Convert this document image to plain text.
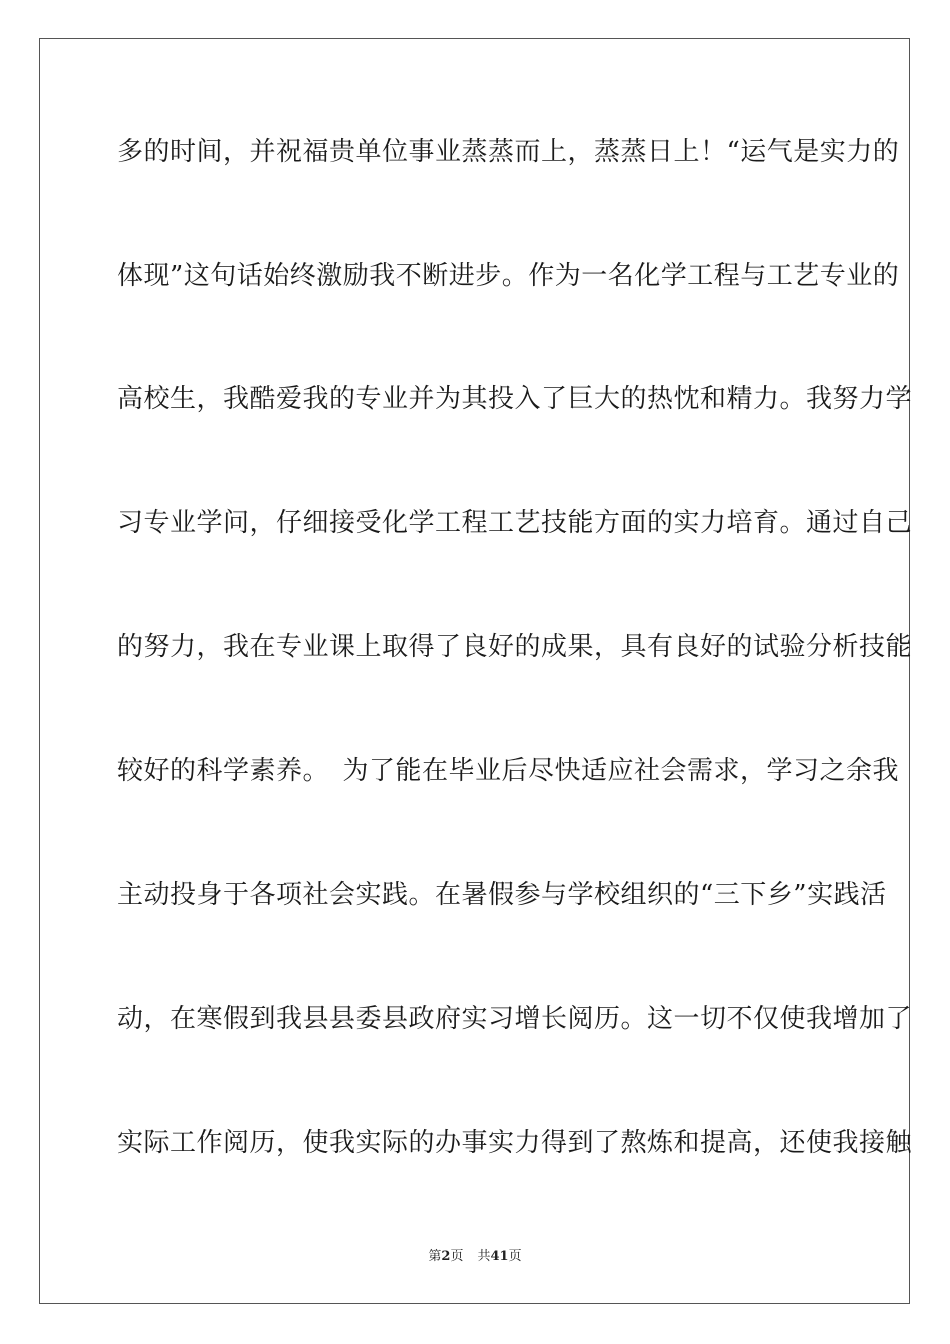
多的时间，并祝福贵单位事业蒸蒸而上，蒸蒸日上！“运气是实力的
体现”这句话始终激励我不断进步。作为一名化学工程与工艺专业的
高校生，我酷爱我的专业并为其投入了巨大的热忱和精力。我努力学
习专业学问，仔细接受化学工程工艺技能方面的实力培育。通过自己
的努力，我在专业课上取得了良好的成果，具有良好的试验分析技能
较好的科学素养。　为了能在毕业后尽快适应社会需求，学习之余我
主动投身于各项社会实践。在暑假参与学校组织的“三下乡”实践活
动，在寒假到我县县委县政府实习增长阅历。这一切不仅使我增加了
实际工作阅历，使我实际的办事实力得到了熬炼和提高，还使我接触
第2页 共41页
